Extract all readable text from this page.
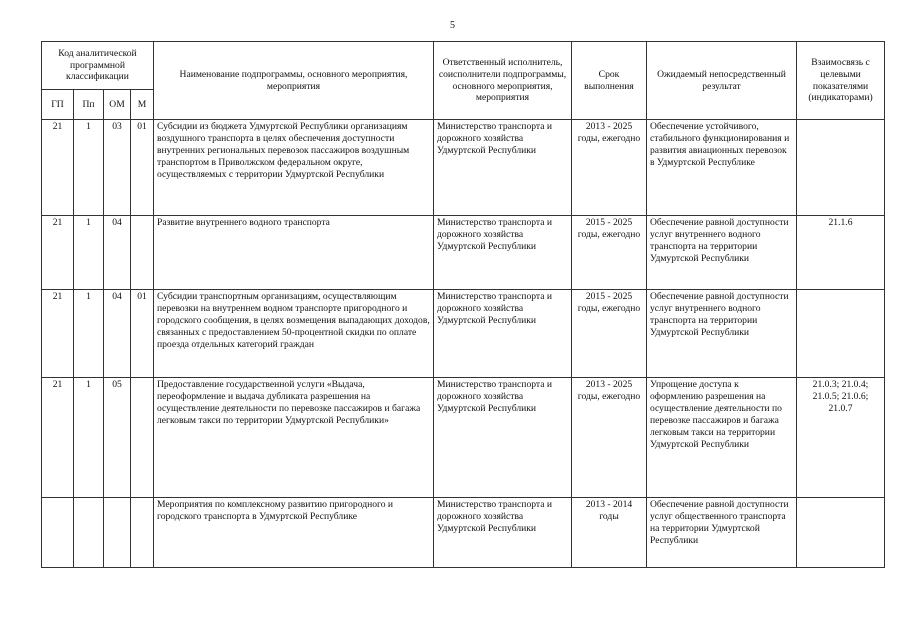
5
Код аналитической программной классификации				Наименование подпрограммы, основного мероприятия, мероприятия	Ответственный исполнитель, соисполнители подпрограммы, основного мероприятия, мероприятия	Срок выполнения	Ожидаемый непосредственный результат	Взаимосвязь с целевыми показателями (индикаторами)
ГП	Пп	ОМ	М					
21	1	03	01	Субсидии из бюджета Удмуртской Республики организациям воздушного транспорта в целях обеспечения доступности внутренних региональных перевозок пассажиров воздушным транспортом в Приволжском федеральном округе, осуществляемых с территории Удмуртской Республики	Министерство транспорта и дорожного хозяйства Удмуртской Республики	2013 - 2025 годы, ежегодно	Обеспечение устойчивого, стабильного функционирования и развития авиационных перевозок в Удмуртской Республике	
21	1	04		Развитие внутреннего водного транспорта	Министерство транспорта и дорожного хозяйства Удмуртской Республики	2015 - 2025 годы, ежегодно	Обеспечение равной доступности услуг внутреннего водного транспорта на территории Удмуртской Республики	21.1.6
21	1	04	01	Субсидии транспортным организациям, осуществляющим перевозки на внутреннем водном транспорте пригородного и городского сообщения, в целях возмещения выпадающих доходов, связанных с предоставлением 50-процентной скидки по оплате проезда отдельных категорий граждан	Министерство транспорта и дорожного хозяйства Удмуртской Республики	2015 - 2025 годы, ежегодно	Обеспечение равной доступности услуг внутреннего водного транспорта на территории Удмуртской Республики	
21	1	05		Предоставление государственной услуги «Выдача, переоформление и выдача дубликата разрешения на осуществление деятельности по перевозке пассажиров и багажа легковым такси по территории Удмуртской Республики»	Министерство транспорта и дорожного хозяйства Удмуртской Республики	2013 - 2025 годы, ежегодно	Упрощение доступа к оформлению разрешения на осуществление деятельности по перевозке пассажиров и багажа легковым такси на территории Удмуртской Республики	21.0.3; 21.0.4; 21.0.5; 21.0.6; 21.0.7
				Мероприятия по комплексному развитию пригородного и городского транспорта в Удмуртской Республике	Министерство транспорта и дорожного хозяйства Удмуртской Республики	2013 - 2014 годы	Обеспечение равной доступности услуг общественного транспорта на территории Удмуртской Республики	
